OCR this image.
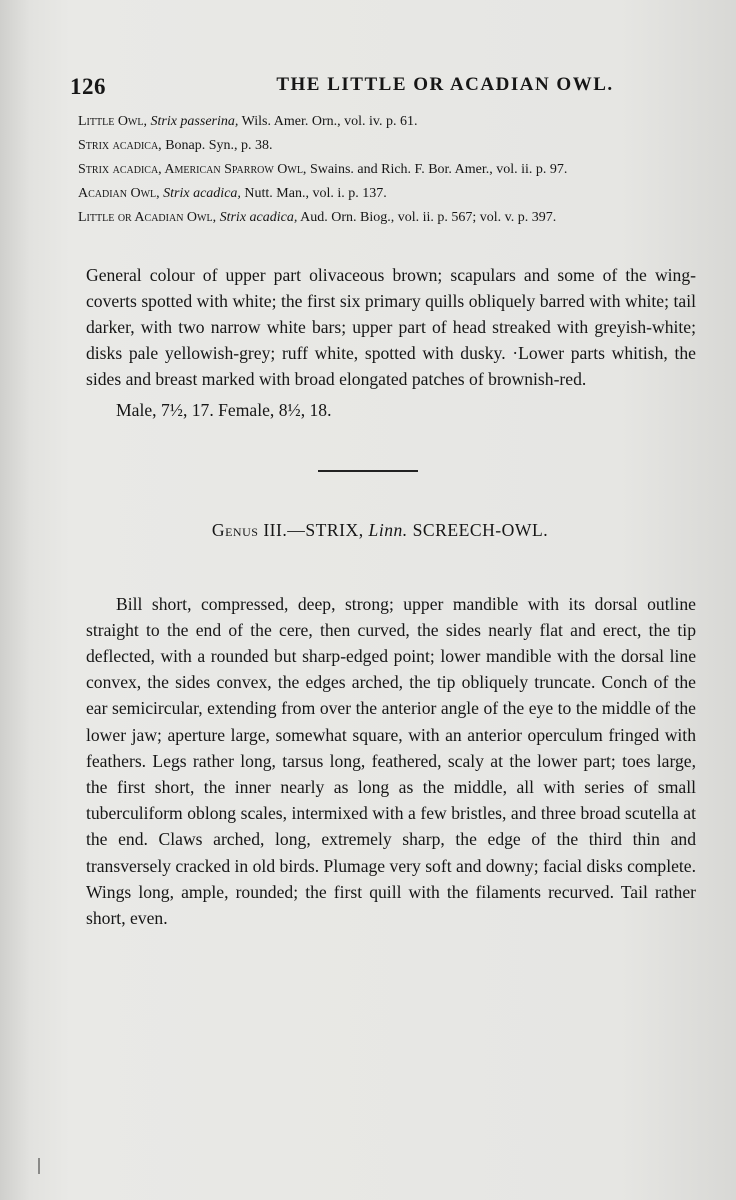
126	THE LITTLE OR ACADIAN OWL.
Little Owl, Strix passerina, Wils. Amer. Orn., vol. iv. p. 61.
Strix acadica, Bonap. Syn., p. 38.
Strix acadica, American Sparrow Owl, Swains. and Rich. F. Bor. Amer., vol. ii. p. 97.
Acadian Owl, Strix acadica, Nutt. Man., vol. i. p. 137.
Little or Acadian Owl, Strix acadica, Aud. Orn. Biog., vol. ii. p. 567; vol. v. p. 397.

General colour of upper part olivaceous brown; scapulars and some of the wing-coverts spotted with white; the first six primary quills obliquely barred with white; tail darker, with two narrow white bars; upper part of head streaked with greyish-white; disks pale yellowish-grey; ruff white, spotted with dusky. ·Lower parts whitish, the sides and breast marked with broad elongated patches of brownish-red.

Male, 7½, 17. Female, 8½, 18.
Genus III.—STRIX, Linn. SCREECH-OWL.

Bill short, compressed, deep, strong; upper mandible with its dorsal outline straight to the end of the cere, then curved, the sides nearly flat and erect, the tip deflected, with a rounded but sharp-edged point; lower mandible with the dorsal line convex, the sides convex, the edges arched, the tip obliquely truncate. Conch of the ear semicircular, extending from over the anterior angle of the eye to the middle of the lower jaw; aperture large, somewhat square, with an anterior operculum fringed with feathers. Legs rather long, tarsus long, feathered, scaly at the lower part; toes large, the first short, the inner nearly as long as the middle, all with series of small tuberculiform oblong scales, intermixed with a few bristles, and three broad scutella at the end. Claws arched, long, extremely sharp, the edge of the third thin and transversely cracked in old birds. Plumage very soft and downy; facial disks complete. Wings long, ample, rounded; the first quill with the filaments recurved. Tail rather short, even.
